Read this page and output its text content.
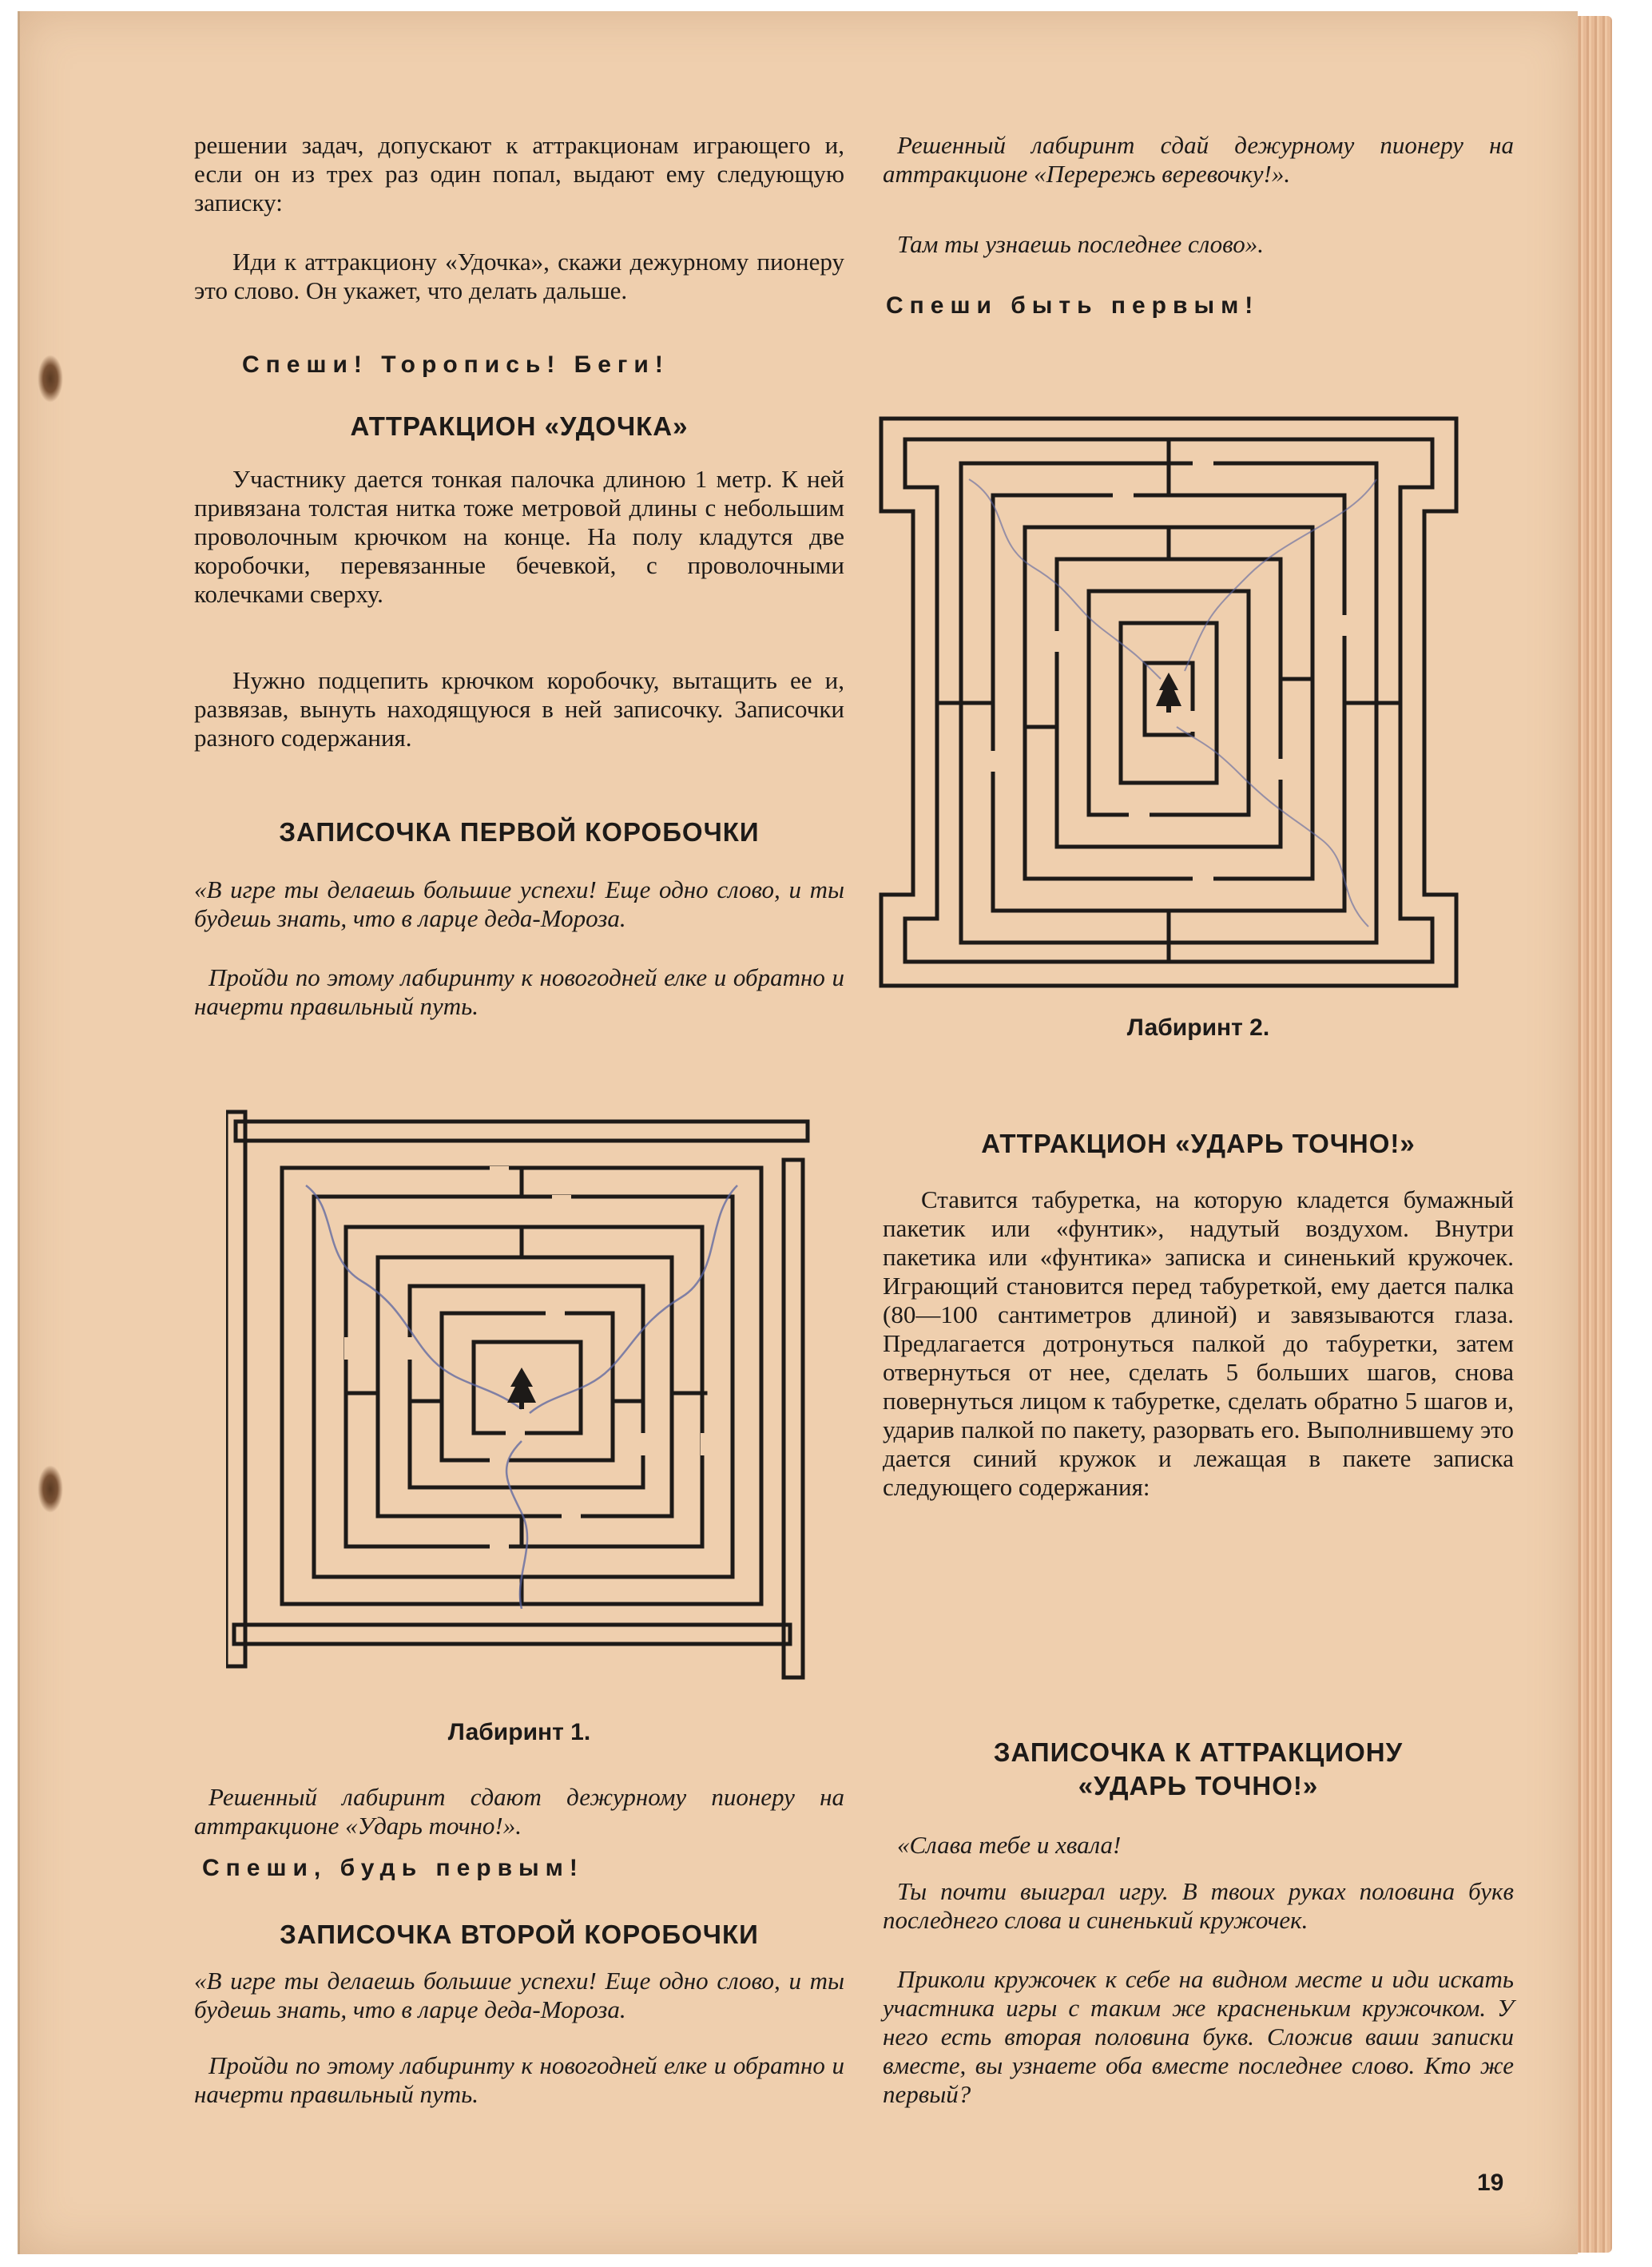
решении задач, допускают к аттракционам играющего и, если он из трех раз один попал, выдают ему следующую записку:

Иди к аттракциону «Удочка», скажи дежурному пионеру это слово. Он укажет, что делать дальше.

Спеши! Торопись! Беги!

АТТРАКЦИОН «УДОЧКА»

Участнику дается тонкая палочка длиною 1 метр. К ней привязана толстая нитка тоже метровой длины с небольшим проволочным крючком на конце. На полу кладутся две коробочки, перевязанные бечевкой, с проволочными колечками сверху.

Нужно подцепить крючком коробочку, вытащить ее и, развязав, вынуть находящуюся в ней записочку. Записочки разного содержания.

ЗАПИСОЧКА ПЕРВОЙ КОРОБОЧКИ

«В игре ты делаешь большие успехи! Еще одно слово, и ты будешь знать, что в ларце деда-Мороза.

Пройди по этому лабиринту к новогодней елке и обратно и начерти правильный путь.

Лабиринт 1.

Решенный лабиринт сдают дежурному пионеру на аттракционе «Ударь точно!».

Спеши, будь первым!

ЗАПИСОЧКА ВТОРОЙ КОРОБОЧКИ

«В игре ты делаешь большие успехи! Еще одно слово, и ты будешь знать, что в ларце деда-Мороза.

Пройди по этому лабиринту к новогодней елке и обратно и начерти правильный путь.

Решенный лабиринт сдай дежурному пионеру на аттракционе «Перережь веревочку!».

Там ты узнаешь последнее слово».

Спеши быть первым!

Лабиринт 2.

АТТРАКЦИОН «УДАРЬ ТОЧНО!»

Ставится табуретка, на которую кладется бумажный пакетик или «фунтик», надутый воздухом. Внутри пакетика или «фунтика» записка и синенький кружочек. Играющий становится перед табуреткой, ему дается палка (80—100 сантиметров длиной) и завязываются глаза. Предлагается дотронуться палкой до табуретки, затем отвернуться от нее, сделать 5 больших шагов, снова повернуться лицом к табуретке, сделать обратно 5 шагов и, ударив палкой по пакету, разорвать его. Выполнившему это дается синий кружок и лежащая в пакете записка следующего содержания:

ЗАПИСОЧКА К АТТРАКЦИОНУ

«УДАРЬ ТОЧНО!»

«Слава тебе и хвала!

Ты почти выиграл игру. В твоих руках половина букв последнего слова и синенький кружочек.

Приколи кружочек к себе на видном месте и иди искать участника игры с таким же красненьким кружочком. У него есть вторая половина букв. Сложив ваши записки вместе, вы узнаете оба вместе последнее слово. Кто же первый?

19
